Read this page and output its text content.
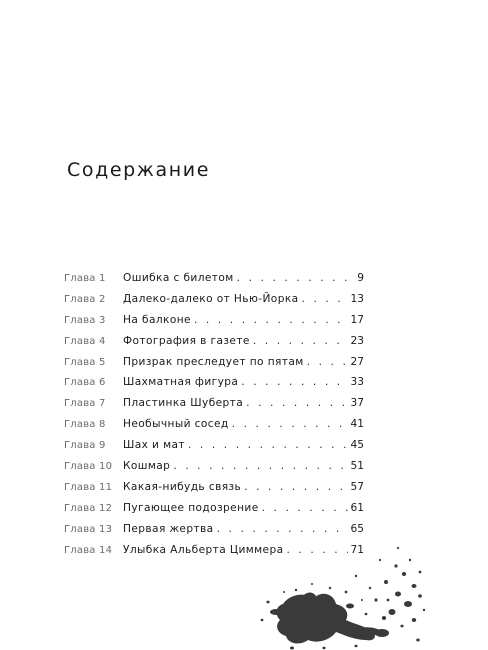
Содержание
Глава 1	Ошибка с билетом . . .	9
Глава 2	Далеко-далеко от Нью-Йорка . . .	13
Глава 3	На балконе . . .	17
Глава 4	Фотография в газете . . .	23
Глава 5	Призрак преследует по пятам . . .	27
Глава 6	Шахматная фигура . . .	33
Глава 7	Пластинка Шуберта . . .	37
Глава 8	Необычный сосед . . .	41
Глава 9	Шах и мат . . .	45
Глава 10	Кошмар . . .	51
Глава 11	Какая-нибудь связь . . .	57
Глава 12	Пугающее подозрение . . .	61
Глава 13	Первая жертва . . .	65
Глава 14	Улыбка Альберта Циммера . . .	71
